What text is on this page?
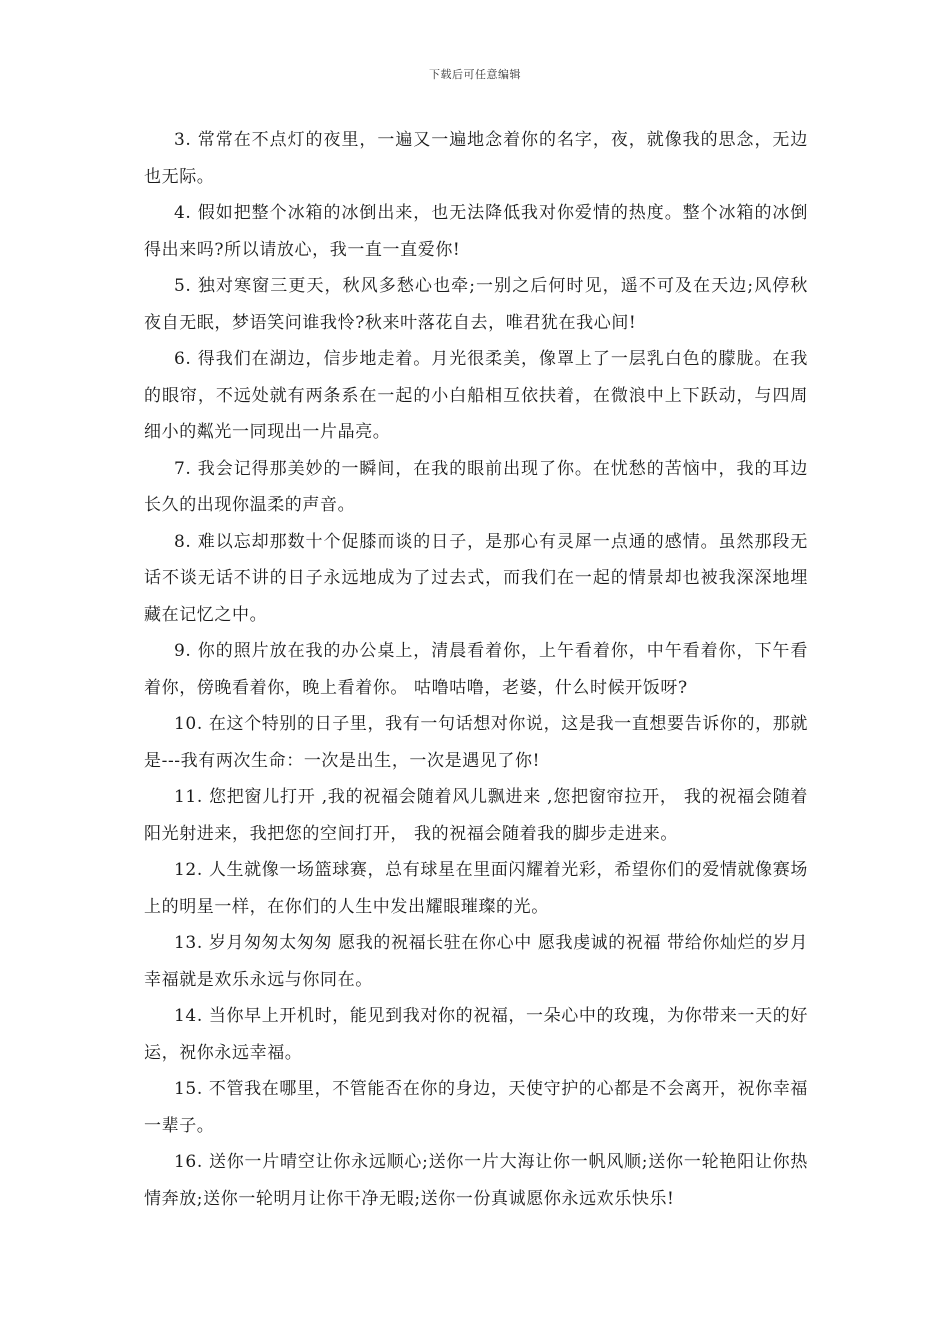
下载后可任意编辑

3. 常常在不点灯的夜里，一遍又一遍地念着你的名字，夜，就像我的思念，无边也无际。

4. 假如把整个冰箱的冰倒出来，也无法降低我对你爱情的热度。整个冰箱的冰倒得出来吗?所以请放心，我一直一直爱你!

5. 独对寒窗三更天，秋风多愁心也牵;一别之后何时见，遥不可及在天边;风停秋夜自无眠，梦语笑问谁我怜?秋来叶落花自去，唯君犹在我心间!

6. 得我们在湖边，信步地走着。月光很柔美，像罩上了一层乳白色的朦胧。在我的眼帘，不远处就有两条系在一起的小白船相互依扶着，在微浪中上下跃动，与四周细小的粼光一同现出一片晶亮。

7. 我会记得那美妙的一瞬间，在我的眼前出现了你。在忧愁的苦恼中，我的耳边长久的出现你温柔的声音。

8. 难以忘却那数十个促膝而谈的日子，是那心有灵犀一点通的感情。虽然那段无话不谈无话不讲的日子永远地成为了过去式，而我们在一起的情景却也被我深深地埋藏在记忆之中。

9. 你的照片放在我的办公桌上，清晨看着你，上午看着你，中午看着你，下午看着你，傍晚看着你，晚上看着你。 咕噜咕噜，老婆，什么时候开饭呀?

10. 在这个特别的日子里，我有一句话想对你说，这是我一直想要告诉你的，那就是---我有两次生命：一次是出生，一次是遇见了你!

11. 您把窗儿打开 ,我的祝福会随着风儿飘进来 ,您把窗帘拉开， 我的祝福会随着阳光射进来，我把您的空间打开， 我的祝福会随着我的脚步走进来。

12. 人生就像一场篮球赛，总有球星在里面闪耀着光彩，希望你们的爱情就像赛场上的明星一样，在你们的人生中发出耀眼璀璨的光。

13. 岁月匆匆太匆匆 愿我的祝福长驻在你心中 愿我虔诚的祝福 带给你灿烂的岁月 幸福就是欢乐永远与你同在。

14. 当你早上开机时，能见到我对你的祝福，一朵心中的玫瑰，为你带来一天的好运，祝你永远幸福。

15. 不管我在哪里，不管能否在你的身边，天使守护的心都是不会离开，祝你幸福一辈子。

16. 送你一片晴空让你永远顺心;送你一片大海让你一帆风顺;送你一轮艳阳让你热情奔放;送你一轮明月让你干净无暇;送你一份真诚愿你永远欢乐快乐!
